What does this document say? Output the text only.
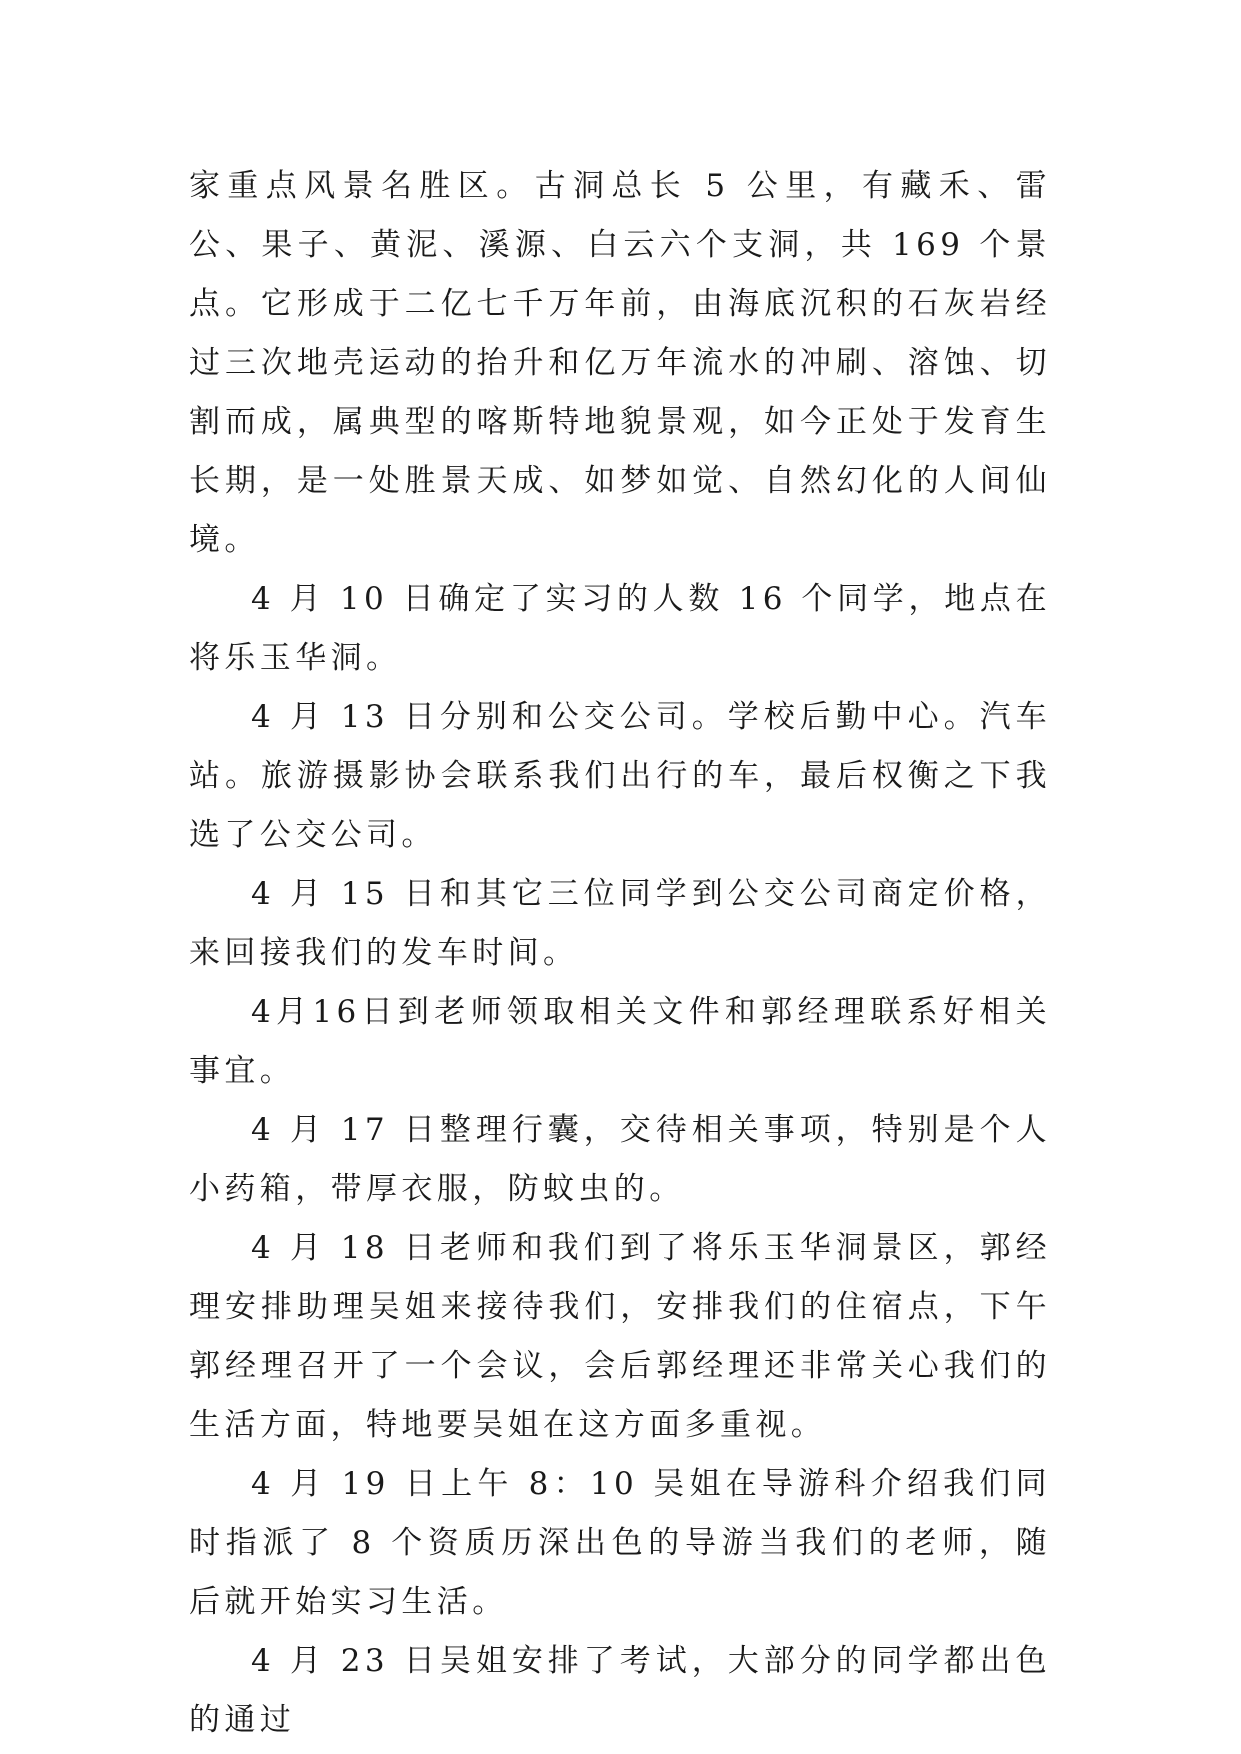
家重点风景名胜区。古洞总长 5 公里，有藏禾、雷公、果子、黄泥、溪源、白云六个支洞，共 169 个景点。它形成于二亿七千万年前，由海底沉积的石灰岩经过三次地壳运动的抬升和亿万年流水的冲刷、溶蚀、切割而成，属典型的喀斯特地貌景观，如今正处于发育生长期，是一处胜景天成、如梦如觉、自然幻化的人间仙境。

4 月 10 日确定了实习的人数 16 个同学，地点在将乐玉华洞。

4 月 13 日分别和公交公司。学校后勤中心。汽车站。旅游摄影协会联系我们出行的车，最后权衡之下我选了公交公司。

4 月 15 日和其它三位同学到公交公司商定价格，来回接我们的发车时间。

4月16日到老师领取相关文件和郭经理联系好相关事宜。

4 月 17 日整理行囊，交待相关事项，特别是个人小药箱，带厚衣服，防蚊虫的。

4 月 18 日老师和我们到了将乐玉华洞景区，郭经理安排助理吴姐来接待我们，安排我们的住宿点，下午郭经理召开了一个会议，会后郭经理还非常关心我们的生活方面，特地要吴姐在这方面多重视。

4 月 19 日上午 8：10 吴姐在导游科介绍我们同时指派了 8 个资质历深出色的导游当我们的老师，随后就开始实习生活。

4 月 23 日吴姐安排了考试，大部分的同学都出色的通过
